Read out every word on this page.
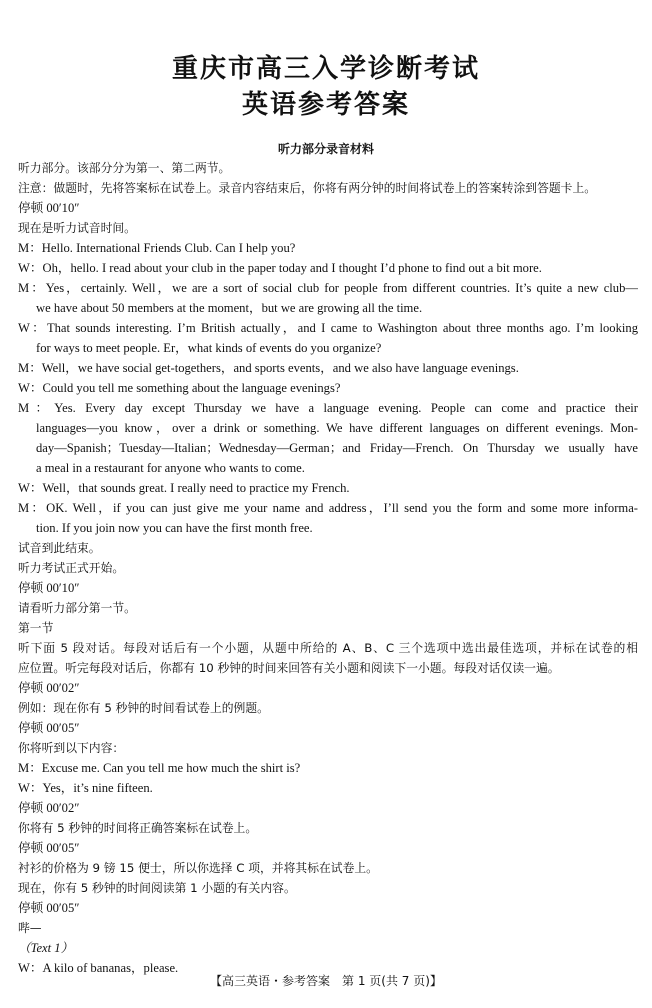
重庆市高三入学诊断考试
英语参考答案
听力部分录音材料
听力部分。该部分分为第一、第二两节。
注意：做题时，先将答案标在试卷上。录音内容结束后，你将有两分钟的时间将试卷上的答案转涂到答题卡上。
停顿 00′10″
现在是听力试音时间。
M：Hello. International Friends Club. Can I help you?
W：Oh，hello. I read about your club in the paper today and I thought I’d phone to find out a bit more.
M：Yes，certainly. Well，we are a sort of social club for people from different countries. It’s quite a new club—
we have about 50 members at the moment，but we are growing all the time.
W：That sounds interesting. I’m British actually，and I came to Washington about three months ago. I’m looking
for ways to meet people. Er，what kinds of events do you organize?
M：Well，we have social get-togethers，and sports events，and we also have language evenings.
W：Could you tell me something about the language evenings?
M：Yes. Every day except Thursday we have a language evening. People can come and practice their
languages—you know，over a drink or something. We have different languages on different evenings. Mon-
day—Spanish；Tuesday—Italian；Wednesday—German；and Friday—French. On Thursday we usually have
a meal in a restaurant for anyone who wants to come.
W：Well，that sounds great. I really need to practice my French.
M：OK. Well，if you can just give me your name and address，I’ll send you the form and some more informa-
tion. If you join now you can have the first month free.
试音到此结束。
听力考试正式开始。
停顿 00′10″
请看听力部分第一节。
第一节
听下面 5 段对话。每段对话后有一个小题，从题中所给的 A、B、C 三个选项中选出最佳选项，并标在试卷的相
应位置。听完每段对话后，你都有 10 秒钟的时间来回答有关小题和阅读下一小题。每段对话仅读一遍。
停顿 00′02″
例如：现在你有 5 秒钟的时间看试卷上的例题。
停顿 00′05″
你将听到以下内容：
M：Excuse me. Can you tell me how much the shirt is?
W：Yes，it’s nine fifteen.
停顿 00′02″
你将有 5 秒钟的时间将正确答案标在试卷上。
停顿 00′05″
衬衫的价格为 9 镑 15 便士，所以你选择 C 项，并将其标在试卷上。
现在，你有 5 秒钟的时间阅读第 1 小题的有关内容。
停顿 00′05″
哔—
（Text 1）
W：A kilo of bananas，please.
【高三英语・参考答案　第 1 页(共 7 页)】
